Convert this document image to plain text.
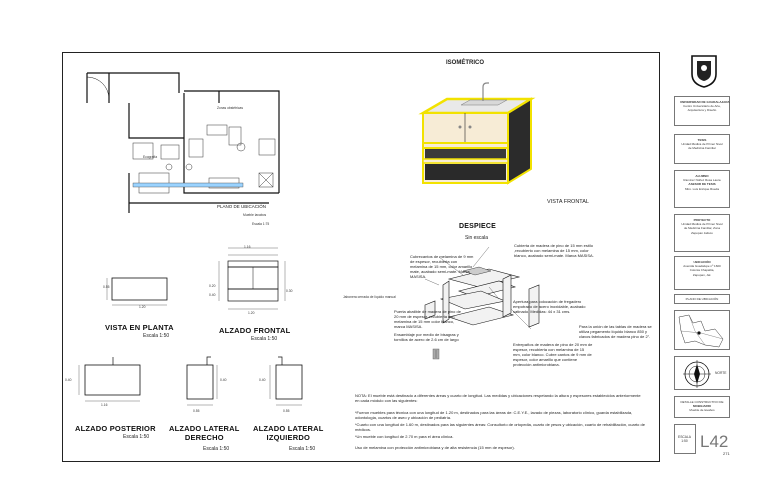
Zonas obstétricas
Ecografía
PLANO DE UBICACIÓN
Mueble lavabos
Escala 1:75
ISOMÉTRICO
VISTA FRONTAL
DESPIECE
Sin escala
Cubierta de madera de pino de 15 mm estilo ,recubierto con melamina de 15 mm, color blanco, acabado semi-mate. Marca MASISA.
Cubrecantos de melamina de 9 mm de espesor, recubierta con melamina de 15 mm, color amarillo mate, acabado semi-mate. Marca MASISA.
Jabonera cerrada de líquido manual
Apertura para colocación de fregadero empotrado de acero inoxidable, acabado satinado. Medidas: 44 x 31 cms.
Puerta abatible de madera de pino de 20 mm de espesor, recubierta con melamina de 15 mm color blanco, marca MASISA.
Ensamblaje por medio de bisagras y tornillos de acero de 2.6 cm de largo
Entrepaños de madera de pino de 20 mm de espesor, recubierta con melamina de 15 mm, color blanco. Cubre cantos de 9 mm de espesor, color amarillo que contiene protección antimicrobiana.
Para la unión de las tablas de madera se utiliza pegamento líquido blanco 850 y clavos fabricados de madera pino de 2".
1.20
0.55
VISTA EN PLANTA
Escala 1:50
1.16
0.20
0.40
0.30
1.20
ALZADO FRONTAL
Escala 1:50
0.40
1.16
ALZADO POSTERIOR
Escala 1:50
0.40
0.55
ALZADO LATERAL
DERECHO
Escala 1:50
0.40
0.55
ALZADO LATERAL
IZQUIERDO
Escala 1:50
NOTA: El mueble está destinado a diferentes áreas y cuarto de longitud. Las medidas y ubicaciones respetando la altura y espesores establecidos anteriormente en cada módulo con las siguientes:
*Fueron muebles para técnica con una longitud de 1.20 m, destinados para las áreas de: C.E.Y.E., lavado de piezas, laboratorio clínico, guarda estabilizada, odontología, cuartos de aseo y ubicación de pediatría.
*Cuarto con una longitud de 1.60 m, destinados para las siguientes áreas: Consultorio de ortopedia, cuarto de yesos y ubicación, cuarto de rehabilitación, cuarto de médicos.
*Un mueble con longitud de 2.70 m para el área clínica.
Uso de melamina con protección antimicrobiana y de alta resistencia (15 mm de espesor).
UNIVERSIDAD DE GUADALAJARA
Centro Universitario de Arte,
Arquitectura y Diseño
TESIS
Unidad Médica de Primer Nivel
de Medicina Familiar
ALUMNO
Ramírez Núñez Rosa Laura
ASESOR DE TESIS
Mtro. Luis Enrique Rueda
PROYECTO
Unidad Médica de Primer Nivel
de Medicina Familiar, Zona
Zapopan Jalisco
UBICACIÓN
Avenida Guadalupe nº 1600
Colonia Chapalita,
Zapopan, Jal.
PLANO DE UBICACIÓN
NORTE
DETALLE CONSTRUCTIVO DE
MOBILIARIO
Mueble de lavabos
ESCALA
1:50 L42
271
